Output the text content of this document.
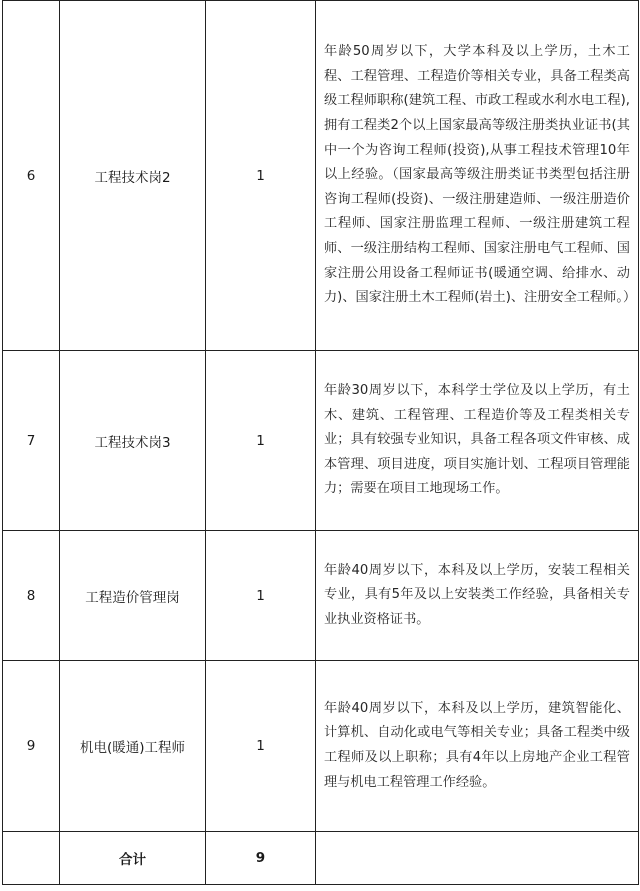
6	工程技术岗2	1	年龄50周岁以下，大学本科及以上学历，土木工程、工程管理、工程造价等相关专业，具备工程类高级工程师职称(建筑工程、市政工程或水利水电工程),拥有工程类2个以上国家最高等级注册类执业证书(其中一个为咨询工程师(投资),从事工程技术管理10年以上经验。（国家最高等级注册类证书类型包括注册咨询工程师(投资)、一级注册建造师、一级注册造价工程师、国家注册监理工程师、一级注册建筑工程师、一级注册结构工程师、国家注册电气工程师、国家注册公用设备工程师证书(暖通空调、给排水、动力)、国家注册土木工程师(岩土)、注册安全工程师。）
7	工程技术岗3	1	年龄30周岁以下，本科学士学位及以上学历，有土木、建筑、工程管理、工程造价等及工程类相关专业；具有较强专业知识，具备工程各项文件审核、成本管理、项目进度，项目实施计划、工程项目管理能力；需要在项目工地现场工作。
8	工程造价管理岗	1	年龄40周岁以下，本科及以上学历，安装工程相关专业，具有5年及以上安装类工作经验，具备相关专业执业资格证书。
9	机电(暖通)工程师	1	年龄40周岁以下，本科及以上学历，建筑智能化、计算机、自动化或电气等相关专业；具备工程类中级工程师及以上职称；具有4年以上房地产企业工程管理与机电工程管理工作经验。
	合计	9	
